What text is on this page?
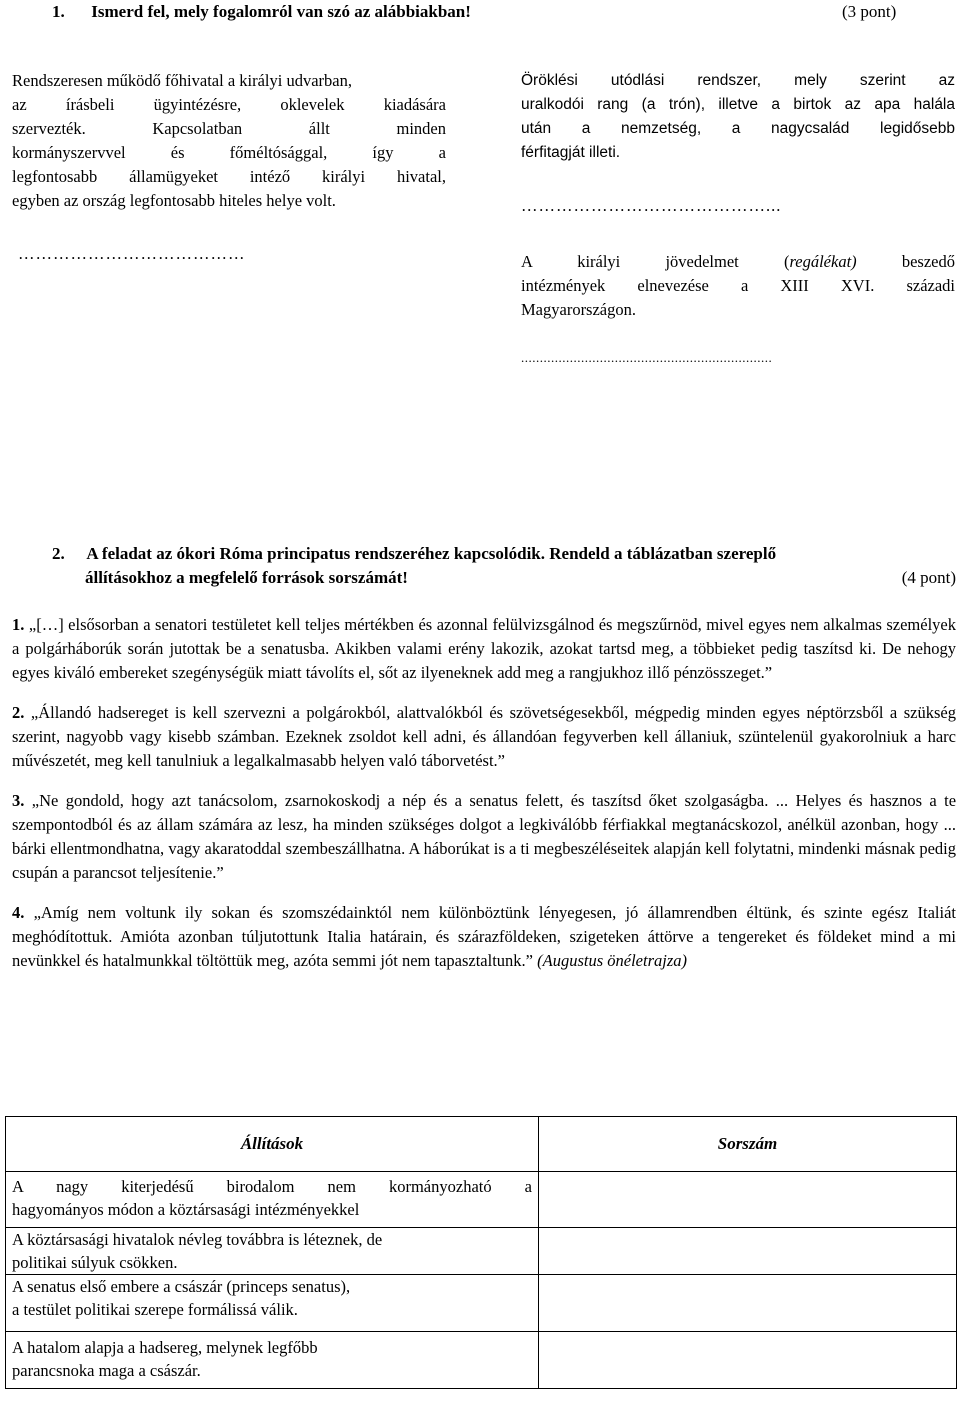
1. Ismerd fel, mely fogalomról van szó az alábbiakban!	(3 pont)
Rendszeresen működő főhivatal a királyi udvarban,
az írásbeli ügyintézésre, oklevelek kiadására
szervezték. Kapcsolatban állt minden
kormányszervvel és főméltósággal, így a
legfontosabb államügyeket intéző királyi hivatal,
egyben az ország legfontosabb hiteles helye volt.
…………………………………
Öröklési utódlási rendszer, mely szerint az
uralkodói rang (a trón), illetve a birtok az apa halála
után a nemzetség, a nagycsalád legidősebb
férfitagját illeti.
……………………………………...
A királyi jövedelmet (regálékat) beszedő
intézmények elnevezése a XIII XVI. századi
Magyarországon.
...................................................................
2. A feladat az ókori Róma principatus rendszeréhez kapcsolódik. Rendeld a táblázatban szereplő
állításokhoz a megfelelő források sorszámát!	(4 pont)

1. „[…] elsősorban a senatori testületet kell teljes mértékben és azonnal felülvizsgálnod és megszűrnöd, mivel egyes nem alkalmas személyek a polgárháborúk során jutottak be a senatusba. Akikben valami erény lakozik, azokat tartsd meg, a többieket pedig taszítsd ki. De nehogy egyes kiváló embereket szegénységük miatt távolíts el, sőt az ilyeneknek add meg a rangjukhoz illő pénzösszeget.”

2. „Állandó hadsereget is kell szervezni a polgárokból, alattvalókból és szövetségesekből, mégpedig minden egyes néptörzsből a szükség szerint, nagyobb vagy kisebb számban. Ezeknek zsoldot kell adni, és állandóan fegyverben kell állaniuk, szüntelenül gyakorolniuk a harc művészetét, meg kell tanulniuk a legalkalmasabb helyen való táborvetést.”

3. „Ne gondold, hogy azt tanácsolom, zsarnokoskodj a nép és a senatus felett, és taszítsd őket szolgaságba. ... Helyes és hasznos a te szempontodból és az állam számára az lesz, ha minden szükséges dolgot a legkiválóbb férfiakkal megtanácskozol, anélkül azonban, hogy ... bárki ellentmondhatna, vagy akaratoddal szembeszállhatna. A háborúkat is a ti megbeszéléseitek alapján kell folytatni, mindenki másnak pedig csupán a parancsot teljesítenie.”

4. „Amíg nem voltunk ily sokan és szomszédainktól nem különböztünk lényegesen, jó államrendben éltünk, és szinte egész Italiát meghódítottuk. Amióta azonban túljutottunk Italia határain, és szárazföldeken, szigeteken áttörve a tengereket és földeket mind a mi nevünkkel és hatalmunkkal töltöttük meg, azóta semmi jót nem tapasztaltunk.” (Augustus önéletrajza)

Állítások	Sorszám

A nagy kiterjedésű birodalom nem kormányozható a
hagyományos módon a köztársasági intézményekkel	

A köztársasági hivatalok névleg továbbra is léteznek, de
politikai súlyuk csökken.	

A senatus első embere a császár (princeps senatus),
a testület politikai szerepe formálissá válik.	

A hatalom alapja a hadsereg, melynek legfőbb
parancsnoka maga a császár.	
